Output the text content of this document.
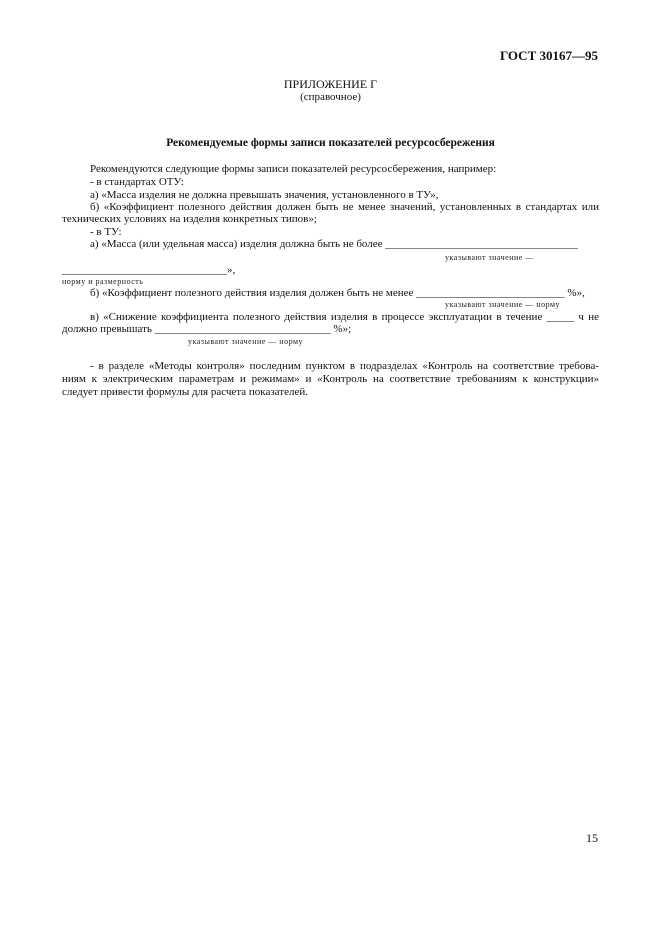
ГОСТ 30167—95
ПРИЛОЖЕНИЕ Г
(справочное)
Рекомендуемые формы записи показателей ресурсосбережения
Рекомендуются следующие формы записи показателей ресурсосбережения, например:
- в стандартах ОТУ:
а) «Масса изделия не должна превышать значения, установленного в ТУ»,
б) «Коэффициент полезного действия должен быть не менее значений, установленных в стандартах или
технических условиях на изделия конкретных типов»;
- в ТУ:
а) «Масса (или удельная масса) изделия должна быть не более ___________________________________
указывают значение —
______________________________»,
норму и размерность
б) «Коэффициент полезного действия изделия должен быть не менее ___________________________ %»,
указывают значение — норму
в) «Снижение коэффициента полезного действия изделия в процессе эксплуатации в течение _____ ч не
должно превышать ________________________________ %»;
указывают значение — норму
- в разделе «Методы контроля» последним пунктом в подразделах «Контроль на соответствие требова-
ниям к электрическим параметрам и режимам» и «Контроль на соответствие требованиям к конструкции»
следует привести формулы для расчета показателей.
15
